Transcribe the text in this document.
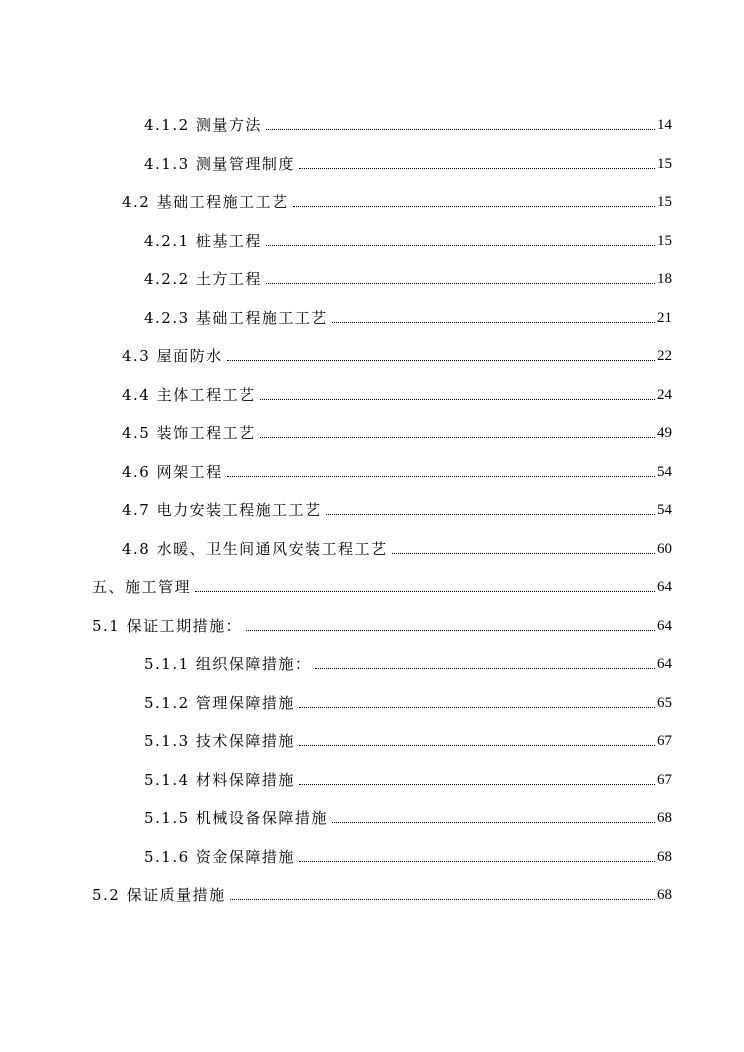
4.1.2 测量方法	14
4.1.3 测量管理制度	15
4.2 基础工程施工工艺	15
4.2.1 桩基工程	15
4.2.2 土方工程	18
4.2.3 基础工程施工工艺	21
4.3 屋面防水	22
4.4 主体工程工艺	24
4.5 装饰工程工艺	49
4.6 网架工程	54
4.7 电力安装工程施工工艺	54
4.8 水暖、卫生间通风安装工程工艺	60
五、施工管理	64
5.1 保证工期措施：	64
5.1.1 组织保障措施：	64
5.1.2 管理保障措施	65
5.1.3 技术保障措施	67
5.1.4 材料保障措施	67
5.1.5 机械设备保障措施	68
5.1.6 资金保障措施	68
5.2 保证质量措施	68
